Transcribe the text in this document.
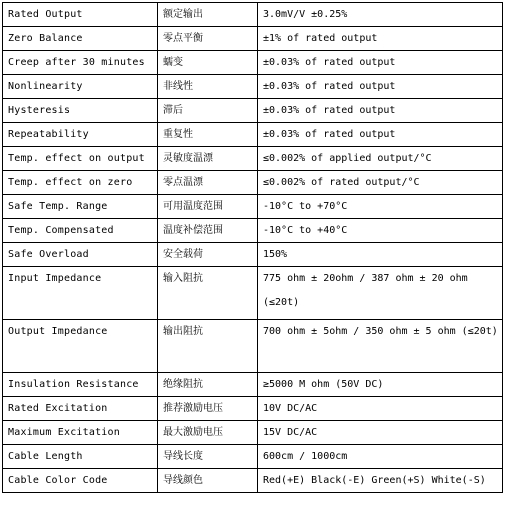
Rated Output	额定输出	3.0mV/V ±0.25%
Zero Balance	零点平衡	±1% of rated output
Creep after 30 minutes	蠕变	±0.03% of rated output
Nonlinearity	非线性	±0.03% of rated output
Hysteresis	滞后	±0.03% of rated output
Repeatability	重复性	±0.03% of rated output
Temp. effect on output	灵敏度温漂	≤0.002% of applied output/°C
Temp. effect on zero	零点温漂	≤0.002% of rated output/°C
Safe Temp. Range	可用温度范围	-10°C to +70°C
Temp. Compensated	温度补偿范围	-10°C to +40°C
Safe Overload	安全载荷	150%
Input Impedance	输入阻抗	775 ohm ± 20ohm / 387 ohm ± 20 ohm (≤20t)
Output Impedance	输出阻抗	700 ohm ± 5ohm / 350 ohm ± 5 ohm (≤20t)
Insulation Resistance	绝缘阻抗	≥5000 M ohm (50V DC)
Rated Excitation	推荐激励电压	10V DC/AC
Maximum Excitation	最大激励电压	15V DC/AC
Cable Length	导线长度	600cm / 1000cm
Cable Color Code	导线颜色	Red(+E) Black(-E) Green(+S) White(-S)
